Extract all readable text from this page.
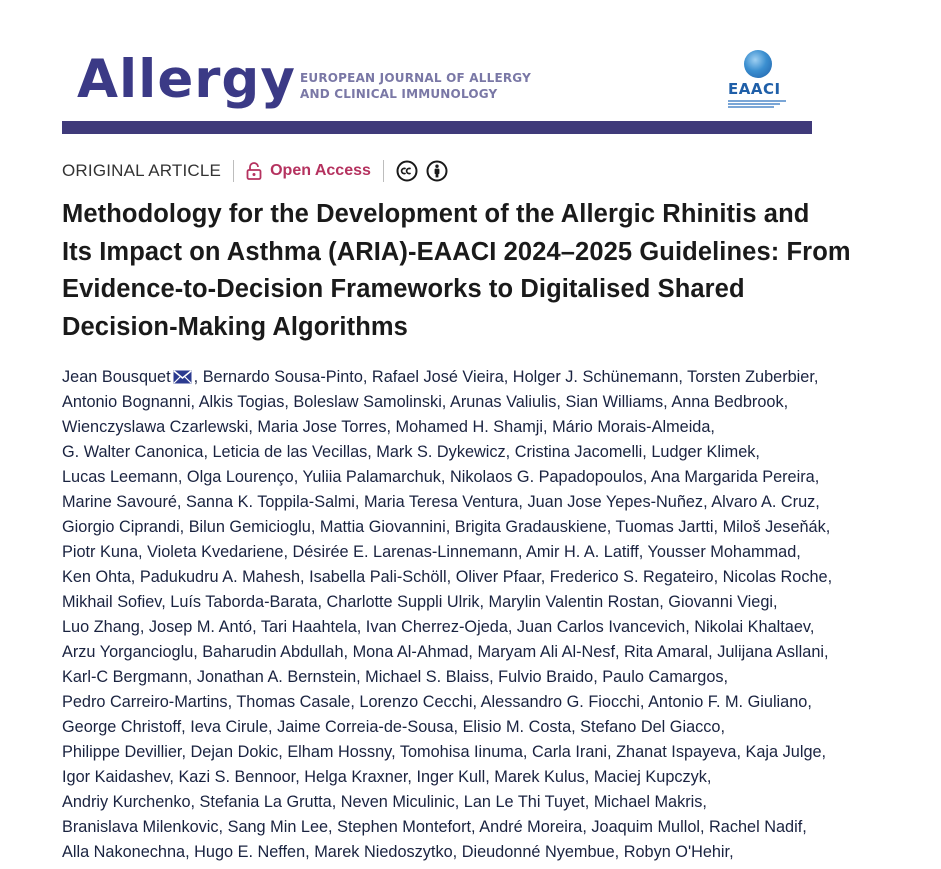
Allergy EUROPEAN JOURNAL OF ALLERGY
AND CLINICAL IMMUNOLOGY	EAACI
ORIGINAL ARTICLE	Open Access
Methodology for the Development of the Allergic Rhinitis and
Its Impact on Asthma (ARIA)-EAACI 2024–2025 Guidelines: From
Evidence-to-Decision Frameworks to Digitalised Shared
Decision-Making Algorithms
Jean Bousquet , Bernardo Sousa-Pinto, Rafael José Vieira, Holger J. Schünemann, Torsten Zuberbier,
Antonio Bognanni, Alkis Togias, Boleslaw Samolinski, Arunas Valiulis, Sian Williams, Anna Bedbrook,
Wienczyslawa Czarlewski, Maria Jose Torres, Mohamed H. Shamji, Mário Morais-Almeida,
G. Walter Canonica, Leticia de las Vecillas, Mark S. Dykewicz, Cristina Jacomelli, Ludger Klimek,
Lucas Leemann, Olga Lourenço, Yuliia Palamarchuk, Nikolaos G. Papadopoulos, Ana Margarida Pereira,
Marine Savouré, Sanna K. Toppila-Salmi, Maria Teresa Ventura, Juan Jose Yepes-Nuñez, Alvaro A. Cruz,
Giorgio Ciprandi, Bilun Gemicioglu, Mattia Giovannini, Brigita Gradauskiene, Tuomas Jartti, Miloš Jeseňák,
Piotr Kuna, Violeta Kvedariene, Désirée E. Larenas-Linnemann, Amir H. A. Latiff, Yousser Mohammad,
Ken Ohta, Padukudru A. Mahesh, Isabella Pali-Schöll, Oliver Pfaar, Frederico S. Regateiro, Nicolas Roche,
Mikhail Sofiev, Luís Taborda-Barata, Charlotte Suppli Ulrik, Marylin Valentin Rostan, Giovanni Viegi,
Luo Zhang, Josep M. Antó, Tari Haahtela, Ivan Cherrez-Ojeda, Juan Carlos Ivancevich, Nikolai Khaltaev,
Arzu Yorgancioglu, Baharudin Abdullah, Mona Al-Ahmad, Maryam Ali Al-Nesf, Rita Amaral, Julijana Asllani,
Karl-C Bergmann, Jonathan A. Bernstein, Michael S. Blaiss, Fulvio Braido, Paulo Camargos,
Pedro Carreiro-Martins, Thomas Casale, Lorenzo Cecchi, Alessandro G. Fiocchi, Antonio F. M. Giuliano,
George Christoff, Ieva Cirule, Jaime Correia-de-Sousa, Elisio M. Costa, Stefano Del Giacco,
Philippe Devillier, Dejan Dokic, Elham Hossny, Tomohisa Iinuma, Carla Irani, Zhanat Ispayeva, Kaja Julge,
Igor Kaidashev, Kazi S. Bennoor, Helga Kraxner, Inger Kull, Marek Kulus, Maciej Kupczyk,
Andriy Kurchenko, Stefania La Grutta, Neven Miculinic, Lan Le Thi Tuyet, Michael Makris,
Branislava Milenkovic, Sang Min Lee, Stephen Montefort, André Moreira, Joaquim Mullol, Rachel Nadif,
Alla Nakonechna, Hugo E. Neffen, Marek Niedoszytko, Dieudonné Nyembue, Robyn O'Hehir,
